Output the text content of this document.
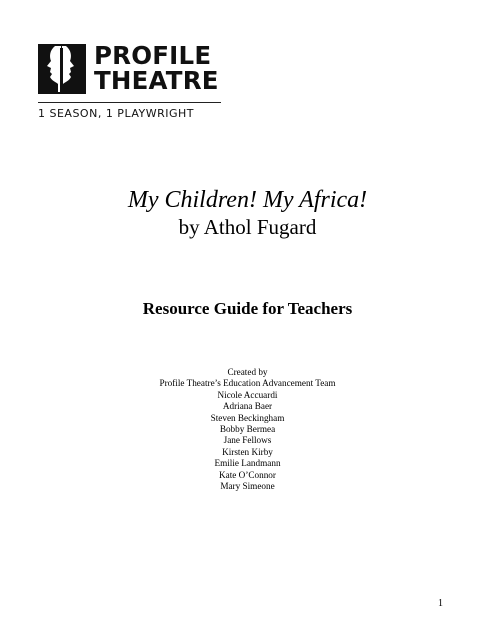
PROFILE
THEATRE
1 SEASON, 1 PLAYWRIGHT
My Children! My Africa!
by Athol Fugard
Resource Guide for Teachers
Created by
Profile Theatre’s Education Advancement Team
Nicole Accuardi
Adriana Baer
Steven Beckingham
Bobby Bermea
Jane Fellows
Kirsten Kirby
Emilie Landmann
Kate O’Connor
Mary Simeone
1
